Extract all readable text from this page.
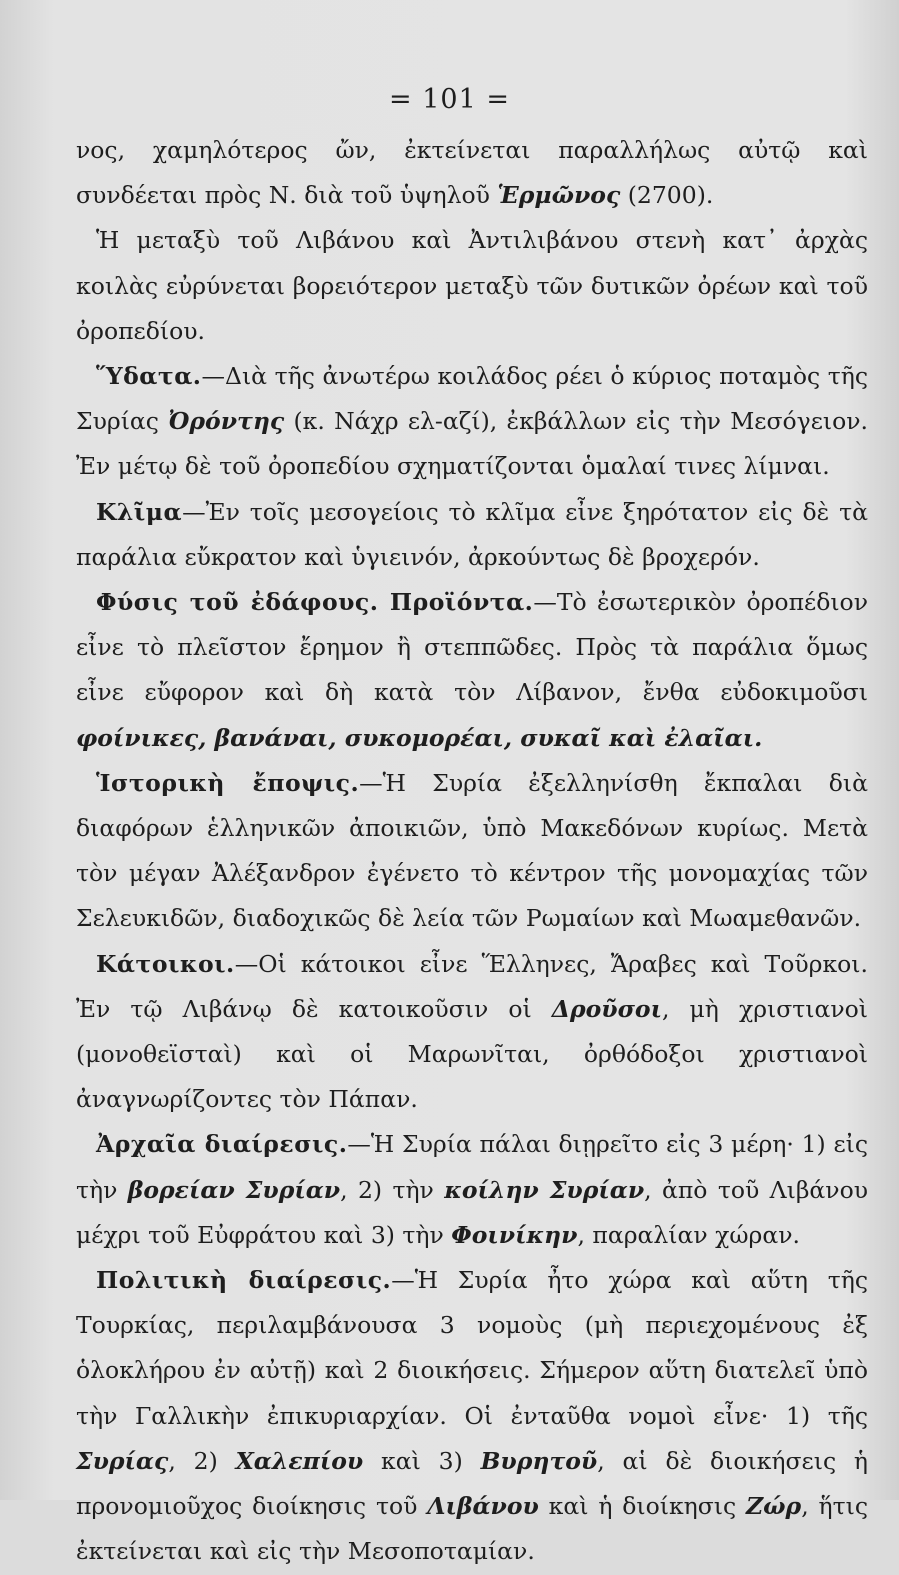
= 101 =

νος, χαμηλότερος ὤν, ἐκτείνεται παραλλήλως αὐτῷ καὶ συνδέεται πρὸς Ν. διὰ τοῦ ὑψηλοῦ Ἑρμῶνος (2700).

Ἡ μεταξὺ τοῦ Λιβάνου καὶ Ἀντιλιβάνου στενὴ κατ᾽ ἀρχὰς κοιλὰς εὐρύνεται βορειότερον μεταξὺ τῶν δυτικῶν ὀρέων καὶ τοῦ ὀροπεδίου.

Ὕδατα.—Διὰ τῆς ἀνωτέρω κοιλάδος ρέει ὁ κύριος ποταμὸς τῆς Συρίας Ὀρόντης (κ. Νάχρ ελ-αζί), ἐκβάλλων εἰς τὴν Μεσόγειον. Ἐν μέτῳ δὲ τοῦ ὀροπεδίου σχηματίζονται ὁμαλαί τινες λίμναι.

Κλῖμα—Ἐν τοῖς μεσογείοις τὸ κλῖμα εἶνε ξηρότατον εἰς δὲ τὰ παράλια εὔκρατον καὶ ὑγιεινόν, ἀρκούντως δὲ βροχερόν.

Φύσις τοῦ ἐδάφους. Προϊόντα.—Τὸ ἐσωτερικὸν ὀροπέδιον εἶνε τὸ πλεῖστον ἔρημον ἢ στεππῶδες. Πρὸς τὰ παράλια ὅμως εἶνε εὔφορον καὶ δὴ κατὰ τὸν Λίβανον, ἔνθα εὐδοκιμοῦσι φοίνικες, βανάναι, συκομορέαι, συκαῖ καὶ ἐλαῖαι.

Ἱστορικὴ ἔποψις.—Ἡ Συρία ἐξελληνίσθη ἔκπαλαι διὰ διαφόρων ἑλληνικῶν ἀποικιῶν, ὑπὸ Μακεδόνων κυρίως. Μετὰ τὸν μέγαν Ἀλέξανδρον ἐγένετο τὸ κέντρον τῆς μονομαχίας τῶν Σελευκιδῶν, διαδοχικῶς δὲ λεία τῶν Ρωμαίων καὶ Μωαμεθανῶν.

Κάτοικοι.—Οἱ κάτοικοι εἶνε Ἕλληνες, Ἄραβες καὶ Τοῦρκοι. Ἐν τῷ Λιβάνῳ δὲ κατοικοῦσιν οἱ Δροῦσοι, μὴ χριστιανοὶ (μονοθεϊσταὶ) καὶ οἱ Μαρωνῖται, ὀρθόδοξοι χριστιανοὶ ἀναγνωρίζοντες τὸν Πάπαν.

Ἀρχαῖα διαίρεσις.—Ἡ Συρία πάλαι διῃρεῖτο εἰς 3 μέρη· 1) εἰς τὴν βορείαν Συρίαν, 2) τὴν κοίλην Συρίαν, ἀπὸ τοῦ Λιβάνου μέχρι τοῦ Εὐφράτου καὶ 3) τὴν Φοινίκην, παραλίαν χώραν.

Πολιτικὴ διαίρεσις.—Ἡ Συρία ἦτο χώρα καὶ αὕτη τῆς Τουρκίας, περιλαμβάνουσα 3 νομοὺς (μὴ περιεχομένους ἐξ ὁλοκλήρου ἐν αὐτῇ) καὶ 2 διοικήσεις. Σήμερον αὕτη διατελεῖ ὑπὸ τὴν Γαλλικὴν ἐπικυριαρχίαν. Οἱ ἐνταῦθα νομοὶ εἶνε· 1) τῆς Συρίας, 2) Χαλεπίου καὶ 3) Βυρητοῦ, αἱ δὲ διοικήσεις ἡ προνομιοῦχος διοίκησις τοῦ Λιβάνου καὶ ἡ διοίκησις Ζώρ, ἥτις ἐκτείνεται καὶ εἰς τὴν Μεσοποταμίαν.
